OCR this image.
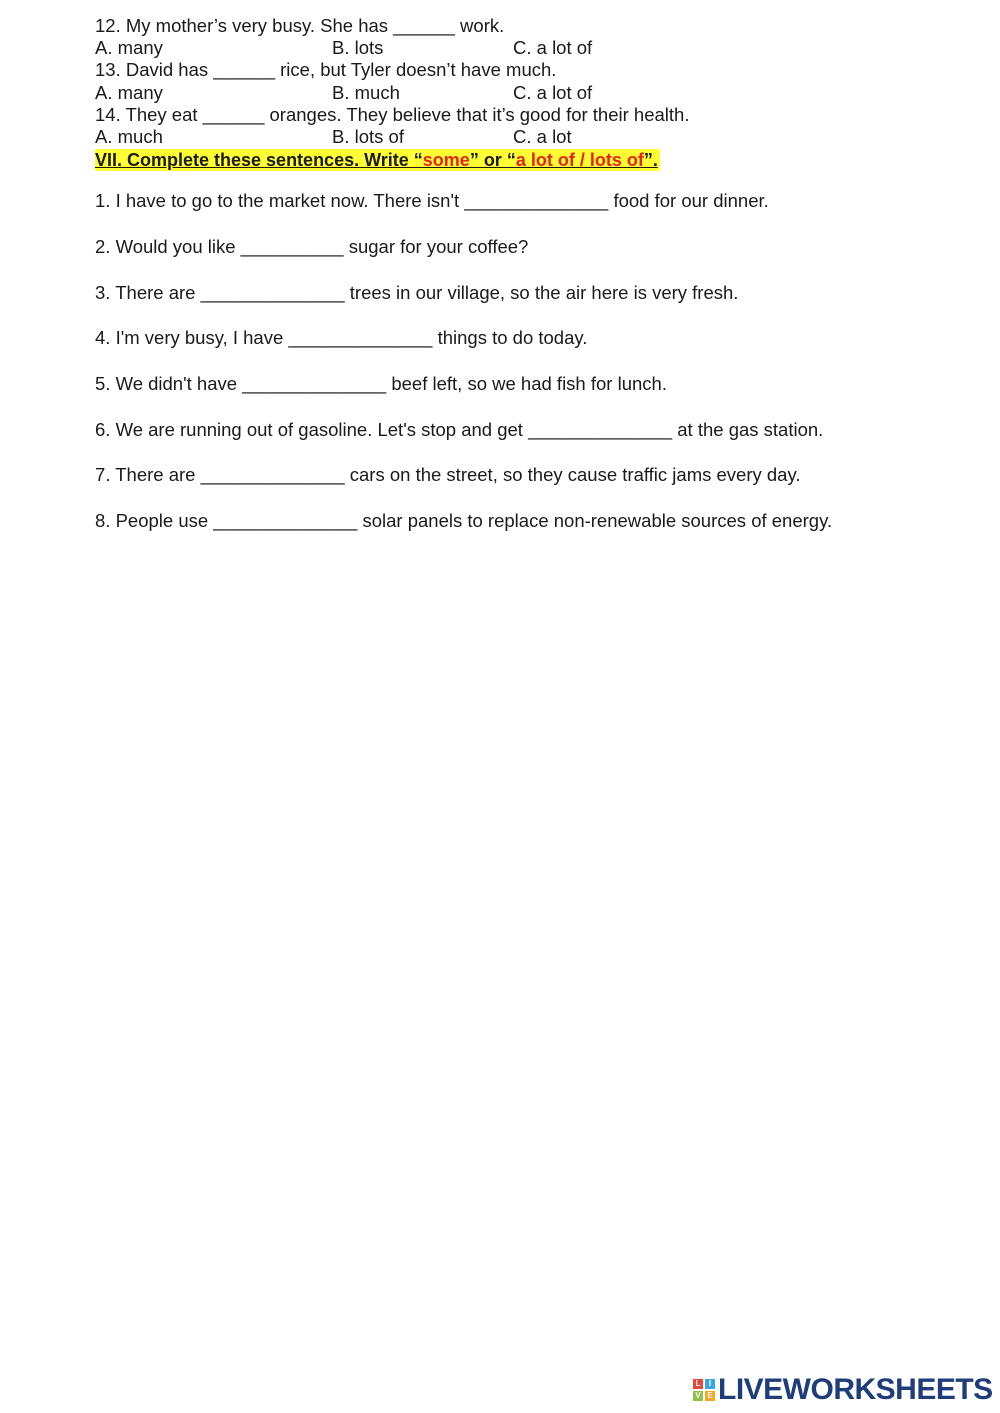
12. My mother’s very busy. She has ______ work.
A. many	B. lots	C. a lot of
13. David has ______ rice, but Tyler doesn’t have much.
A. many	B. much	C. a lot of
14. They eat ______ oranges. They believe that it’s good for their health.
A. much	B. lots of	C. a lot
VII. Complete these sentences. Write “some” or “a lot of / lots of”.
1. I have to go to the market now. There isn't ______________ food for our dinner.
2. Would you like __________ sugar for your coffee?
3. There are ______________ trees in our village, so the air here is very fresh.
4. I'm very busy, I have ______________ things to do today.
5. We didn't have ______________ beef left, so we had fish for lunch.
6. We are running out of gasoline. Let's stop and get ______________ at the gas station.
7. There are ______________ cars on the street, so they cause traffic jams every day.
8. People use ______________ solar panels to replace non-renewable sources of energy.
L	I
V E LIVEWORKSHEETS
